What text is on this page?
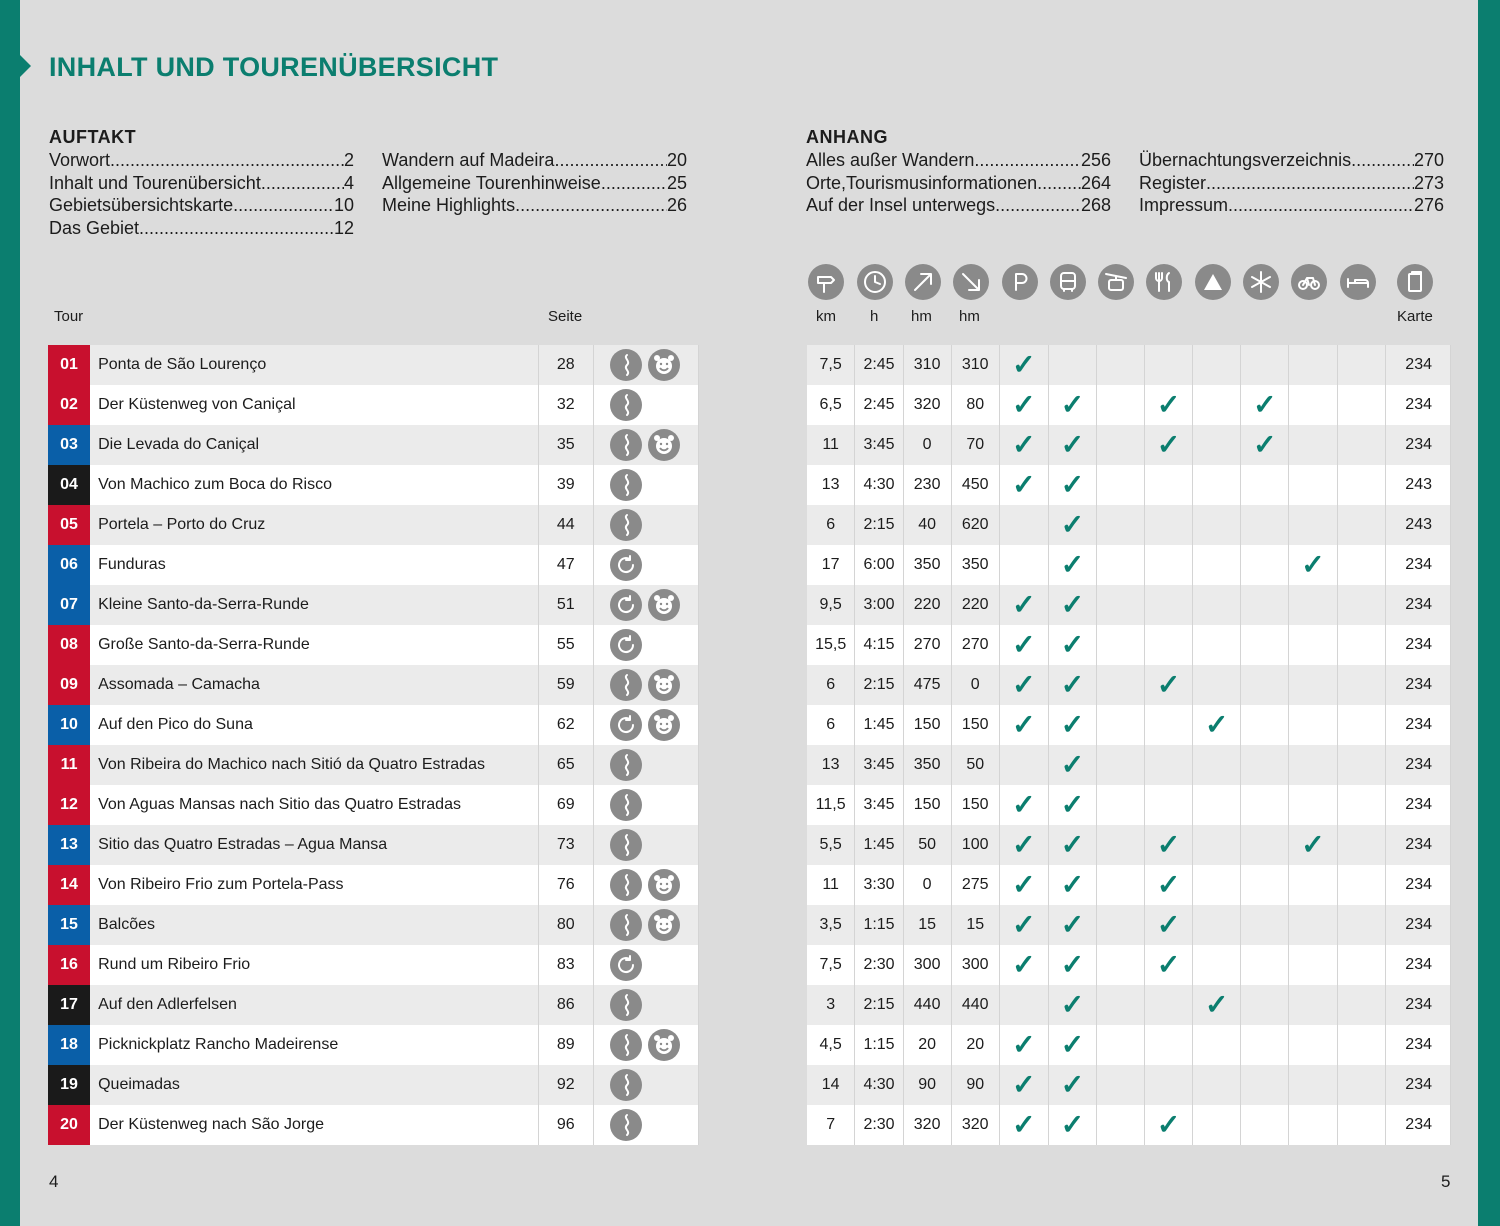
INHALT UND TOURENÜBERSICHT
AUFTAKT
Vorwort .....	2
Inhalt und Tourenübersicht .....	4
Gebietsübersichtskarte .....	10
Das Gebiet .....	12
Wandern auf Madeira .....	20
Allgemeine Tourenhinweise .....	25
Meine Highlights .....	26
ANHANG
Alles außer Wandern .....	256
Orte,Tourismusinformationen ..... 264
Auf der Insel unterwegs .....	268
Übernachtungsverzeichnis .....	270
Register .....	273
Impressum .....	276
Tour	Seite	km h hm hm	Karte
01	Ponta de São Lourenço	28			7,5	2:45	310	310	✓								234
02	Der Küstenweg von Caniçal	32			6,5	2:45	320	80	✓	✓		✓		✓			234
03	Die Levada do Caniçal	35			11	3:45	0	70	✓	✓		✓		✓			234
04	Von Machico zum Boca do Risco	39			13	4:30	230	450	✓	✓							243
05	Portela – Porto do Cruz	44			6	2:15	40	620		✓							243
06	Funduras	47			17	6:00	350	350		✓					✓		234
07	Kleine Santo-da-Serra-Runde	51			9,5	3:00	220	220	✓	✓							234
08	Große Santo-da-Serra-Runde	55			15,5	4:15	270	270	✓	✓							234
09	Assomada – Camacha	59			6	2:15	475	0	✓	✓		✓					234
10	Auf den Pico do Suna	62			6	1:45	150	150	✓	✓			✓				234
11	Von Ribeira do Machico nach Sitió da Quatro Estradas	65			13	3:45	350	50		✓							234
12	Von Aguas Mansas nach Sitio das Quatro Estradas	69			11,5	3:45	150	150	✓	✓							234
13	Sitio das Quatro Estradas – Agua Mansa	73			5,5	1:45	50	100	✓	✓		✓			✓		234
14	Von Ribeiro Frio zum Portela-Pass	76			11	3:30	0	275	✓	✓		✓					234
15	Balcões	80			3,5	1:15	15	15	✓	✓		✓					234
16	Rund um Ribeiro Frio	83			7,5	2:30	300	300	✓	✓		✓					234
17	Auf den Adlerfelsen	86			3	2:15	440	440		✓			✓				234
18	Picknickplatz Rancho Madeirense	89			4,5	1:15	20	20	✓	✓							234
19	Queimadas	92			14	4:30	90	90	✓	✓							234
20	Der Küstenweg nach São Jorge	96			7	2:30	320	320	✓	✓		✓					234
4	5
